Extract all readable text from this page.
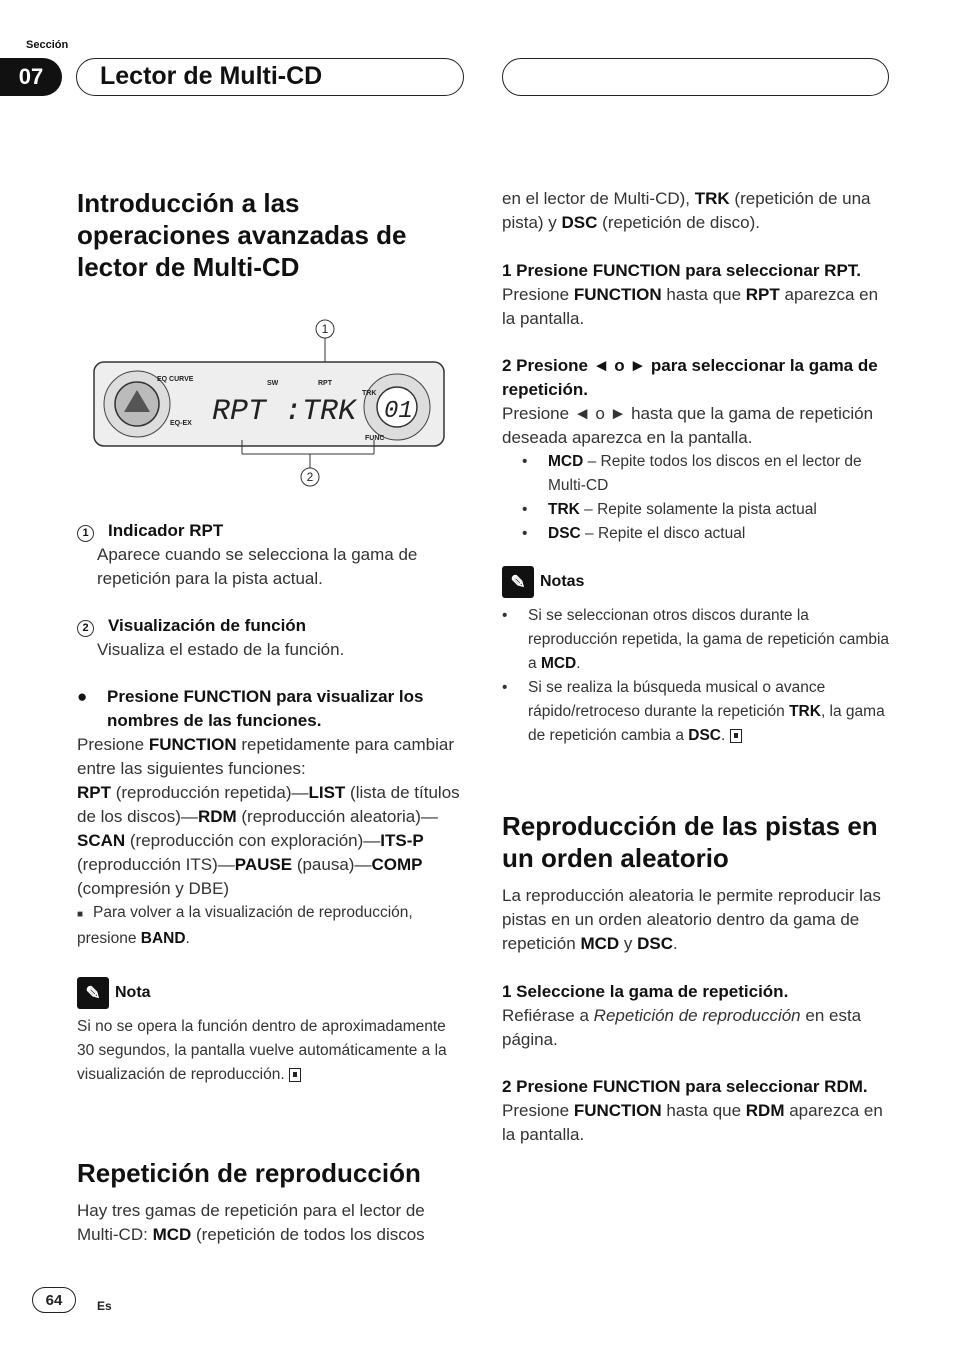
Sección
07	Lector de Multi-CD
Introducción a las operaciones avanzadas de lector de Multi-CD
1
EQ CURVE
SW	RPT
TRK
EQ-EX
FUNC
RPT :TRK 01
2

1 Indicador RPT

Aparece cuando se selecciona la gama de repetición para la pista actual.

2 Visualización de función

Visualiza el estado de la función.

●	Presione FUNCTION para visualizar los nombres de las funciones.

Presione FUNCTION repetidamente para cambiar entre las siguientes funciones:

RPT (reproducción repetida)—LIST (lista de títulos de los discos)—RDM (reproducción aleatoria)—SCAN (reproducción con exploración)—ITS-P (reproducción ITS)—PAUSE (pausa)—COMP (compresión y DBE)

■ Para volver a la visualización de reproducción, presione BAND.

✎ Nota

Si no se opera la función dentro de aproximadamente 30 segundos, la pantalla vuelve automáticamente a la visualización de reproducción.

Repetición de reproducción

Hay tres gamas de repetición para el lector de Multi-CD: MCD (repetición de todos los discos

en el lector de Multi-CD), TRK (repetición de una pista) y DSC (repetición de disco).

1 Presione FUNCTION para seleccionar RPT.

Presione FUNCTION hasta que RPT aparezca en la pantalla.

2 Presione ◄ o ► para seleccionar la gama de repetición.

Presione ◄ o ► hasta que la gama de repetición deseada aparezca en la pantalla.

•	MCD – Repite todos los discos en el lector de Multi-CD
•	TRK – Repite solamente la pista actual
•	DSC – Repite el disco actual
✎ Notas
•	Si se seleccionan otros discos durante la reproducción repetida, la gama de repetición cambia a MCD.
•	Si se realiza la búsqueda musical o avance rápido/retroceso durante la repetición TRK, la gama de repetición cambia a DSC.
Reproducción de las pistas en un orden aleatorio

La reproducción aleatoria le permite reproducir las pistas en un orden aleatorio dentro da gama de repetición MCD y DSC.

1 Seleccione la gama de repetición.

Refiérase a Repetición de reproducción en esta página.

2 Presione FUNCTION para seleccionar RDM.

Presione FUNCTION hasta que RDM aparezca en la pantalla.

64	Es
